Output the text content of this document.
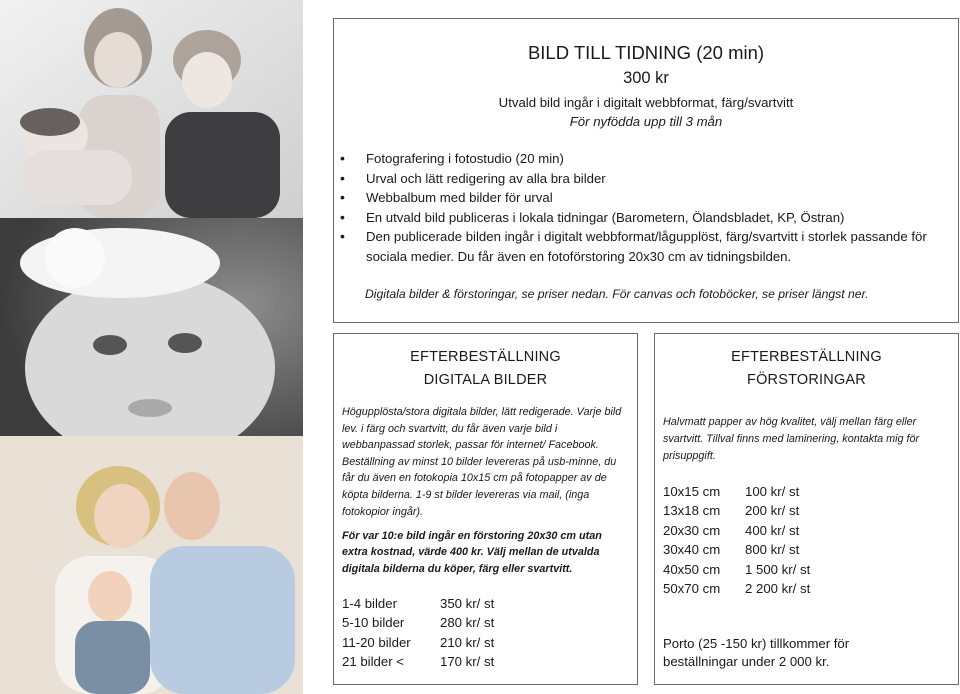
BILD TILL TIDNING (20 min)
300 kr
Utvald bild ingår i digitalt webbformat, färg/svartvitt
För nyfödda upp till 3 mån
• Fotografering i fotostudio (20 min)
• Urval och lätt redigering av alla bra bilder
• Webbalbum med bilder för urval
• En utvald bild publiceras i lokala tidningar (Barometern, Ölandsbladet, KP, Östran)
• Den publicerade bilden ingår i digitalt webbformat/lågupplöst, färg/svartvitt i storlek passande för sociala medier. Du får även en fotoförstoring 20x30 cm av tidningsbilden.
Digitala bilder & förstoringar, se priser nedan. För canvas och fotoböcker, se priser längst ner.
EFTERBESTÄLLNING
DIGITALA BILDER
Högupplösta/stora digitala bilder, lätt redigerade. Varje bild lev. i färg och svartvitt, du får även varje bild i webbanpassad storlek, passar för internet/ Facebook. Beställning av minst 10 bilder levereras på usb-minne, du får du även en fotokopia 10x15 cm på fotopapper av de köpta bilderna. 1-9 st bilder levereras via mail, (inga fotokopior ingår).
För var 10:e bild ingår en förstoring 20x30 cm utan extra kostnad, värde 400 kr. Välj mellan de utvalda digitala bilderna du köper, färg eller svartvitt.
1-4 bilder	350 kr/ st
5-10 bilder	280 kr/ st
11-20 bilder	210 kr/ st
21 bilder <	170 kr/ st
EFTERBESTÄLLNING
FÖRSTORINGAR
Halvmatt papper av hög kvalitet, välj mellan färg eller svartvitt. Tillval finns med laminering, kontakta mig för prisuppgift.
10x15 cm	100 kr/ st
13x18 cm	200 kr/ st
20x30 cm	400 kr/ st
30x40 cm	800 kr/ st
40x50 cm	1 500 kr/ st
50x70 cm	2 200 kr/ st
Porto (25 -150 kr) tillkommer för beställningar under 2 000 kr.
